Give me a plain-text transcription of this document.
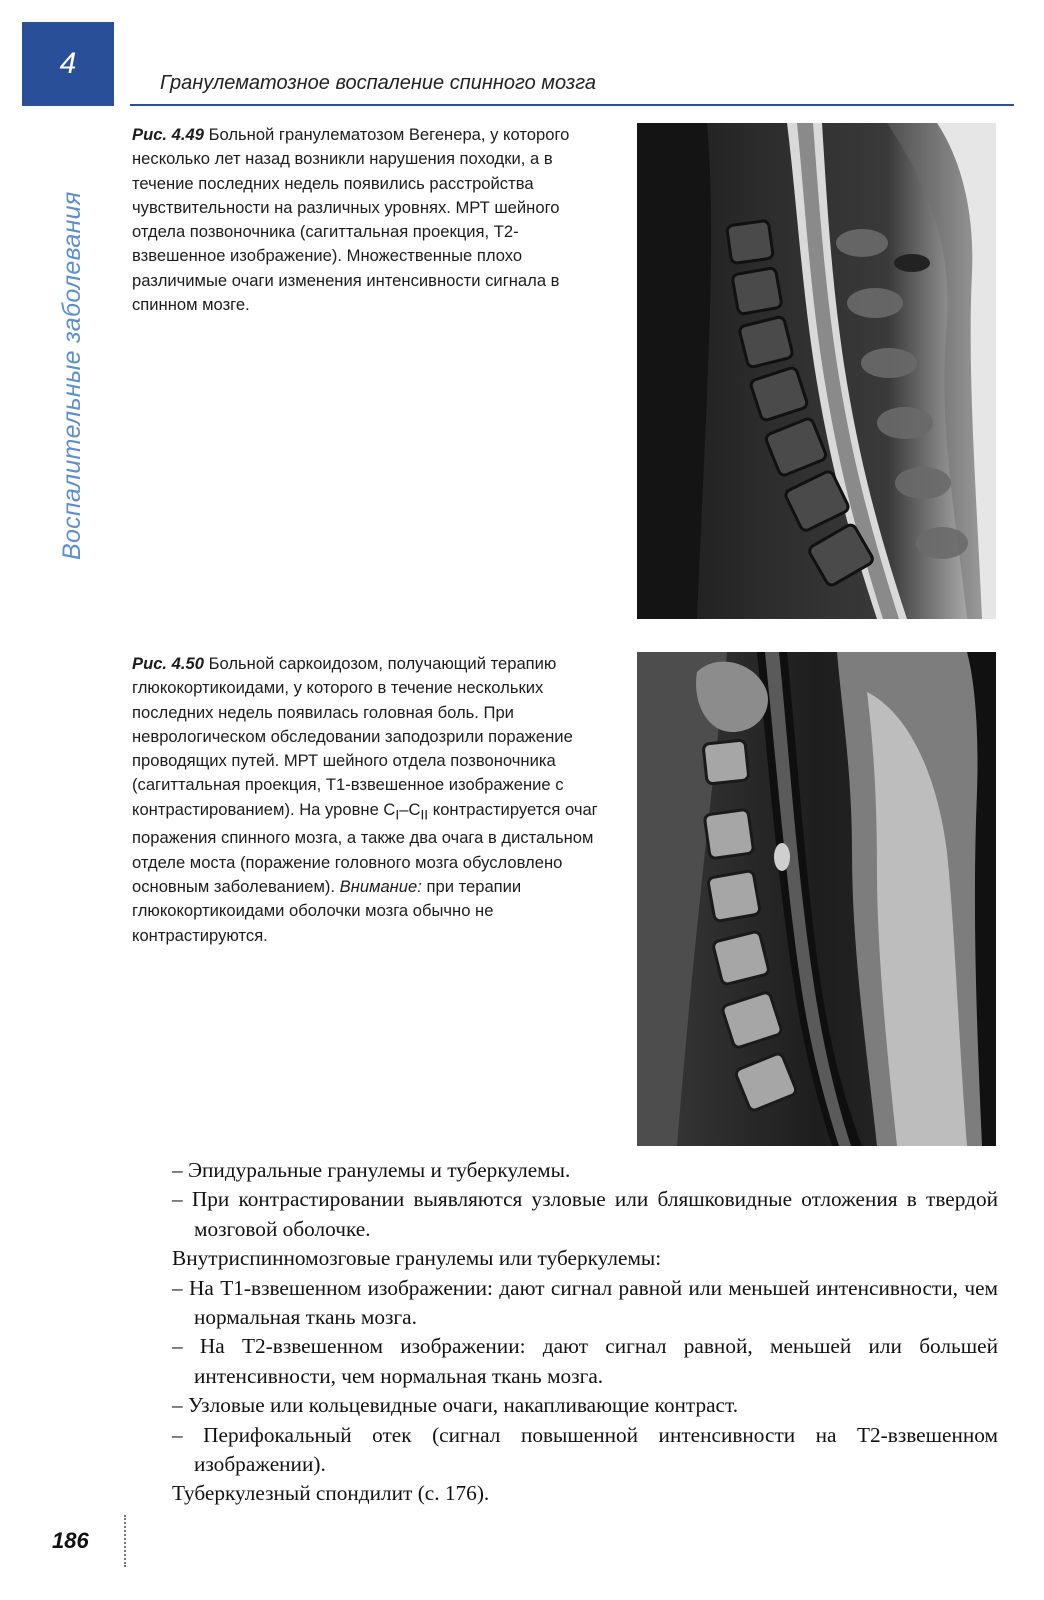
4
Гранулематозное воспаление спинного мозга
Воспалительные заболевания
Рис. 4.49 Больной гранулематозом Вегенера, у которого несколько лет назад возникли нарушения походки, а в течение последних недель появились расстройства чувствительности на различных уровнях. МРТ шейного отдела позвоночника (сагиттальная проекция, Т2-взвешенное изображение). Множественные плохо различимые очаги изменения интенсивности сигнала в спинном мозге.
Рис. 4.50 Больной саркоидозом, получающий терапию глюкокортикоидами, у которого в течение нескольких последних недель появилась головная боль. При неврологическом обследовании заподозрили поражение проводящих путей. МРТ шейного отдела позвоночника (сагиттальная проекция, Т1-взвешенное изображение с контрастированием). На уровне $C_I-C_{II}$ контрастируется очаг поражения спинного мозга, а также два очага в дистальном отделе моста (поражение головного мозга обусловлено основным заболеванием). Внимание: при терапии глюкокортикоидами оболочки мозга обычно не контрастируются.

– Эпидуральные гранулемы и туберкулемы.

– При контрастировании выявляются узловые или бляшковидные отложения в твердой мозговой оболочке.

Внутриспинномозговые гранулемы или туберкулемы:

– На Т1-взвешенном изображении: дают сигнал равной или меньшей интенсивности, чем нормальная ткань мозга.

– На Т2-взвешенном изображении: дают сигнал равной, меньшей или большей интенсивности, чем нормальная ткань мозга.

– Узловые или кольцевидные очаги, накапливающие контраст.

– Перифокальный отек (сигнал повышенной интенсивности на Т2-взвешенном изображении).

Туберкулезный спондилит (с. 176).

186
